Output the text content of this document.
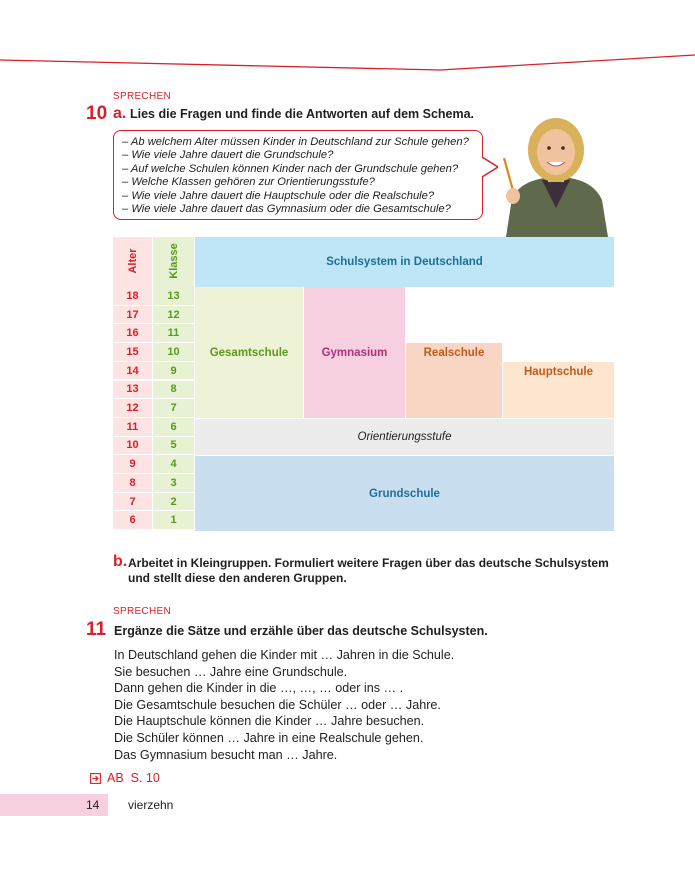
SPRECHEN
10 a. Lies die Fragen und finde die Antworten auf dem Schema.
– Ab welchem Alter müssen Kinder in Deutschland zur Schule gehen?
– Wie viele Jahre dauert die Grundschule?
– Auf welche Schulen können Kinder nach der Grundschule gehen?
– Welche Klassen gehören zur Orientierungsstufe?
– Wie viele Jahre dauert die Hauptschule oder die Realschule?
– Wie viele Jahre dauert das Gymnasium oder die Gesamtschule?
Alter	Klasse	Schulsystem in Deutschland
18	13
17	12
16	11
15	10
14	9
13	8
12	7
11	6
10	5
9	4
8	3
7	2
6	1
Gesamtschule	Gymnasium	Realschule
Hauptschule
Orientierungsstufe
Grundschule
b. Arbeitet in Kleingruppen. Formuliert weitere Fragen über das deutsche Schulsystem
und stellt diese den anderen Gruppen.
SPRECHEN
11 Ergänze die Sätze und erzähle über das deutsche Schulsysten.
In Deutschland gehen die Kinder mit … Jahren in die Schule.
Sie besuchen … Jahre eine Grundschule.
Dann gehen die Kinder in die …, …, … oder ins … .
Die Gesamtschule besuchen die Schüler … oder … Jahre.
Die Hauptschule können die Kinder … Jahre besuchen.
Die Schüler können … Jahre in eine Realschule gehen.
Das Gymnasium besucht man … Jahre.
AB  S. 10
14 vierzehn
